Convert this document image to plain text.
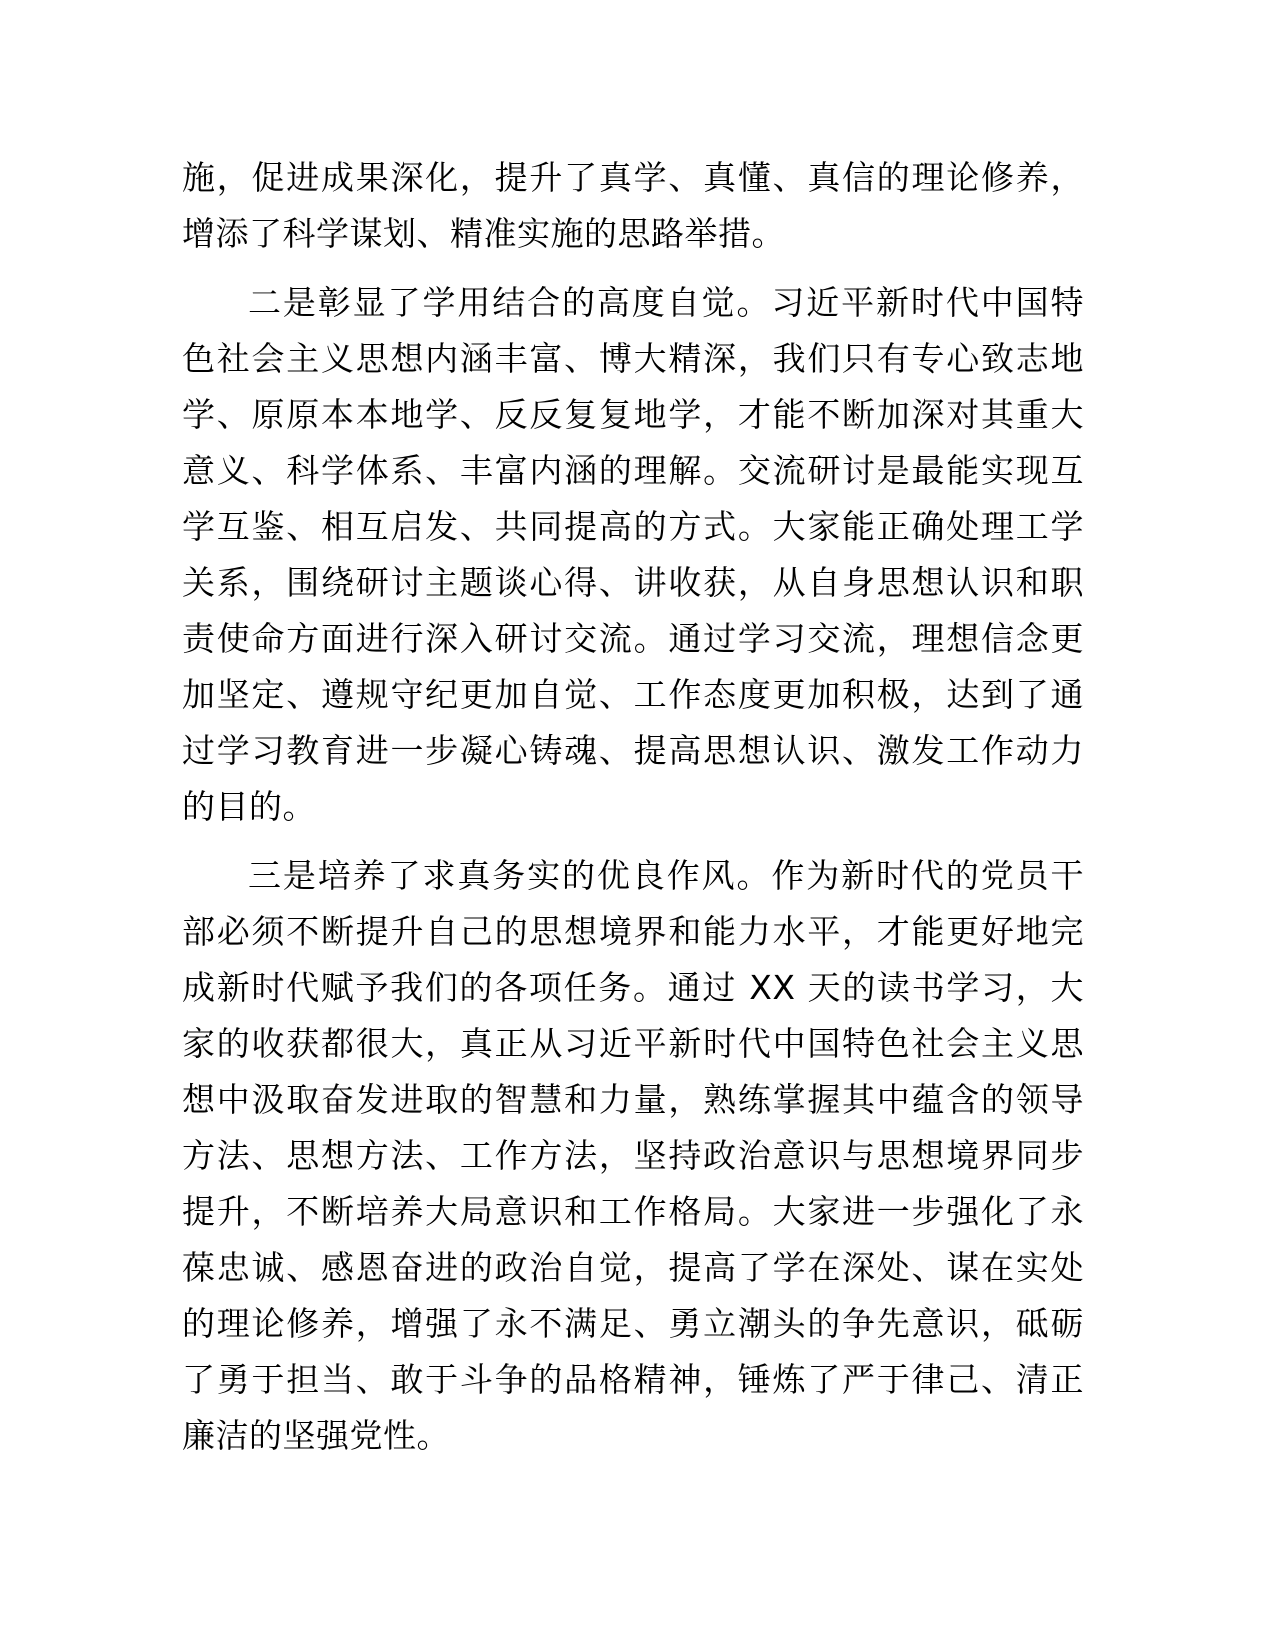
施，促进成果深化，提升了真学、真懂、真信的理论修养，增添了科学谋划、精准实施的思路举措。

二是彰显了学用结合的高度自觉。习近平新时代中国特色社会主义思想内涵丰富、博大精深，我们只有专心致志地学、原原本本地学、反反复复地学，才能不断加深对其重大意义、科学体系、丰富内涵的理解。交流研讨是最能实现互学互鉴、相互启发、共同提高的方式。大家能正确处理工学关系，围绕研讨主题谈心得、讲收获，从自身思想认识和职责使命方面进行深入研讨交流。通过学习交流，理想信念更加坚定、遵规守纪更加自觉、工作态度更加积极，达到了通过学习教育进一步凝心铸魂、提高思想认识、激发工作动力的目的。

三是培养了求真务实的优良作风。作为新时代的党员干部必须不断提升自己的思想境界和能力水平，才能更好地完成新时代赋予我们的各项任务。通过 XX 天的读书学习，大家的收获都很大，真正从习近平新时代中国特色社会主义思想中汲取奋发进取的智慧和力量，熟练掌握其中蕴含的领导方法、思想方法、工作方法，坚持政治意识与思想境界同步提升，不断培养大局意识和工作格局。大家进一步强化了永葆忠诚、感恩奋进的政治自觉，提高了学在深处、谋在实处的理论修养，增强了永不满足、勇立潮头的争先意识，砥砺了勇于担当、敢于斗争的品格精神，锤炼了严于律己、清正廉洁的坚强党性。
